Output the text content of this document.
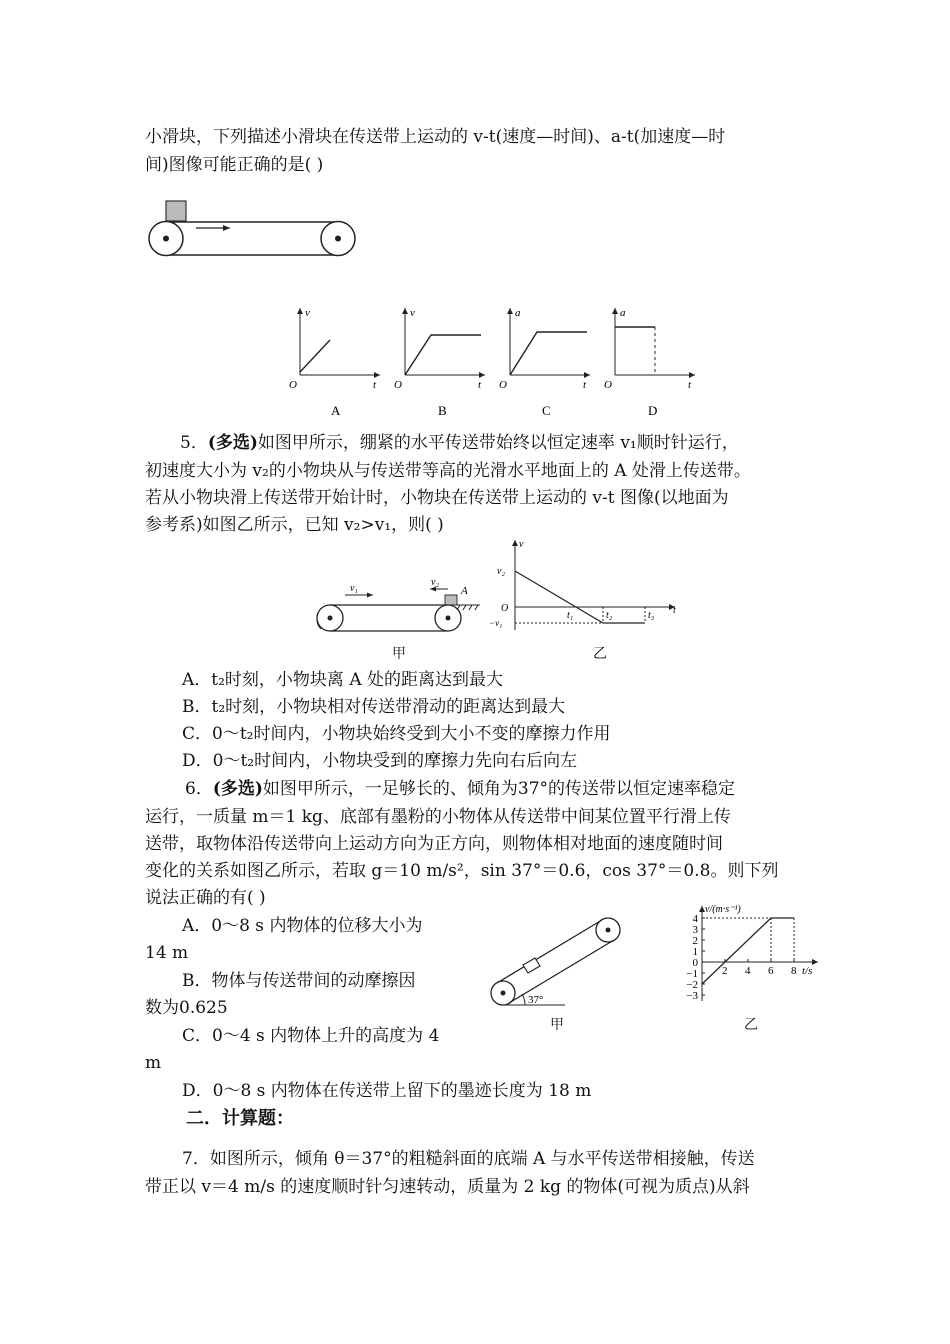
小滑块，下列描述小滑块在传送带上运动的 v-t(速度—时间)、a-t(加速度—时
间)图像可能正确的是( )
v	v	a	a
O	O	O	O
t	t	t	t
A	B	C	D
5．(多选)如图甲所示，绷紧的水平传送带始终以恒定速率 v₁顺时针运行，
初速度大小为 v₂的小物块从与传送带等高的光滑水平地面上的 A 处滑上传送带。
若从小物块滑上传送带开始计时，小物块在传送带上运动的 v-t 图像(以地面为
参考系)如图乙所示，已知 v₂>v₁，则( )
v₁
v₂
A
甲
v
v₂
O
−v₁
t₁	t₂	t₃ t
乙
A．t₂时刻，小物块离 A 处的距离达到最大
B．t₂时刻，小物块相对传送带滑动的距离达到最大
C．0～t₂时间内，小物块始终受到大小不变的摩擦力作用
D．0～t₂时间内，小物块受到的摩擦力先向右后向左
6．(多选)如图甲所示，一足够长的、倾角为37°的传送带以恒定速率稳定
运行，一质量 m＝1 kg、底部有墨粉的小物体从传送带中间某位置平行滑上传
送带，取物体沿传送带向上运动方向为正方向，则物体相对地面的速度随时间
变化的关系如图乙所示，若取 g＝10 m/s²，sin 37°＝0.6，cos 37°＝0.8。则下列
说法正确的有( )
A．0～8 s 内物体的位移大小为
14 m
B．物体与传送带间的动摩擦因
数为0.625
C．0～4 s 内物体上升的高度为 4
m
D．0～8 s 内物体在传送带上留下的墨迹长度为 18 m
37°
甲
4
3
2
1
0
−1
−2
−3
2 4 6 8
v/(m·s⁻¹)
t/s
乙
二．计算题：
7．如图所示，倾角 θ＝37°的粗糙斜面的底端 A 与水平传送带相接触，传送
带正以 v＝4 m/s 的速度顺时针匀速转动，质量为 2 kg 的物体(可视为质点)从斜
